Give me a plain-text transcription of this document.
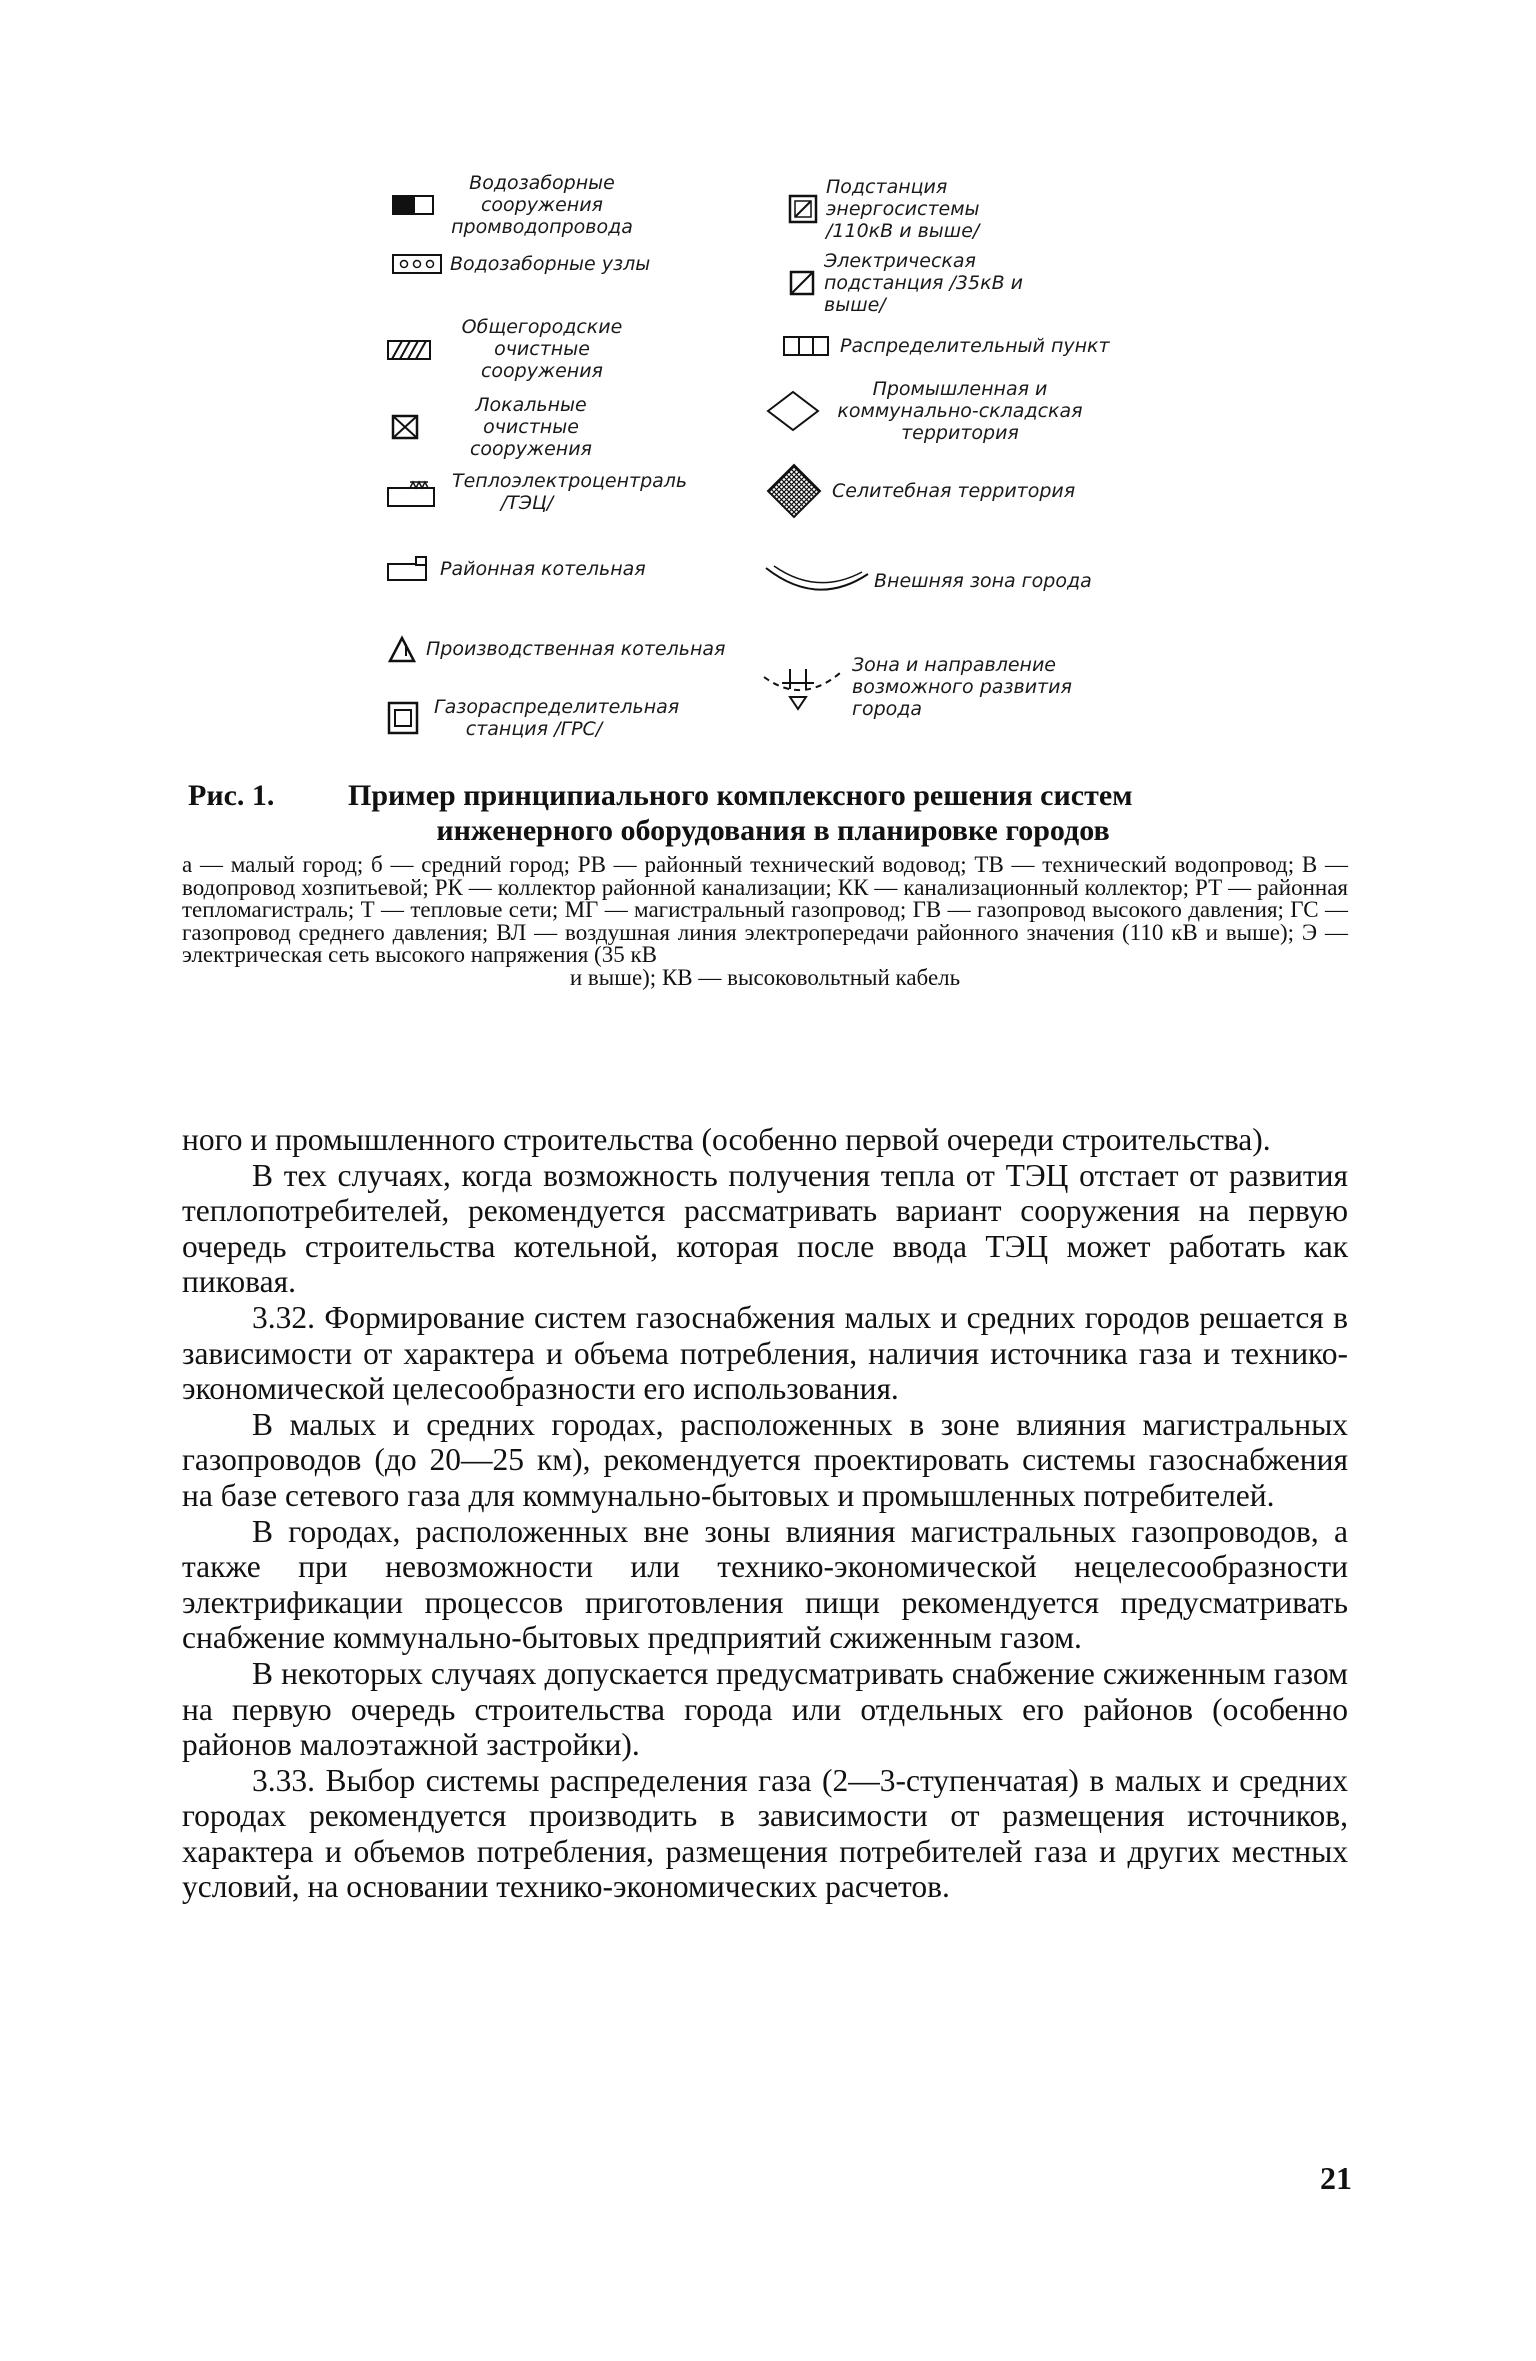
Водозаборные сооружения промводопровода
Водозаборные узлы
Общегородские очистные сооружения
Локальные очистные сооружения
Теплоэлектроцентраль /ТЭЦ/
Районная котельная
Производственная котельная
Газораспределительная станция /ГРС/
Подстанция энергосистемы /110кВ и выше/
Электрическая подстанция /35кВ и выше/
Распределительный пункт
Промышленная и коммунально-складская территория
Селитебная территория
Внешняя зона города
Зона и направление возможного развития города
Рис. 1. Пример принципиального комплексного решения систем
инженерного оборудования в планировке городов
а — малый город; б — средний город; РВ — районный технический водовод; ТВ — технический водопровод; В — водопровод хозпитьевой; РК — коллектор районной канализации; КК — канализационный коллектор; РТ — районная тепломагистраль; Т — тепловые сети; МГ — магистральный газопровод; ГВ — газопровод высокого давления; ГС — газопровод среднего давления; ВЛ — воздушная линия электропередачи районного значения (110 кВ и выше); Э — электрическая сеть высокого напряжения (35 кВ
и выше); КВ — высоковольтный кабель

ного и промышленного строительства (особенно первой очереди строительства).

В тех случаях, когда возможность получения тепла от ТЭЦ отстает от развития теплопотребителей, рекомендуется рассматривать вариант сооружения на первую очередь строительства котельной, которая после ввода ТЭЦ может работать как пиковая.

3.32. Формирование систем газоснабжения малых и средних городов решается в зависимости от характера и объема потребления, наличия источника газа и технико-экономической целесообразности его использования.

В малых и средних городах, расположенных в зоне влияния магистральных газопроводов (до 20—25 км), рекомендуется проектировать системы газоснабжения на базе сетевого газа для коммунально-бытовых и промышленных потребителей.

В городах, расположенных вне зоны влияния магистральных газопроводов, а также при невозможности или технико-экономической нецелесообразности электрификации процессов приготовления пищи рекомендуется предусматривать снабжение коммунально-бытовых предприятий сжиженным газом.

В некоторых случаях допускается предусматривать снабжение сжиженным газом на первую очередь строительства города или отдельных его районов (особенно районов малоэтажной застройки).

3.33. Выбор системы распределения газа (2—3-ступенчатая) в малых и средних городах рекомендуется производить в зависимости от размещения источников, характера и объемов потребления, размещения потребителей газа и других местных условий, на основании технико-экономических расчетов.

21
